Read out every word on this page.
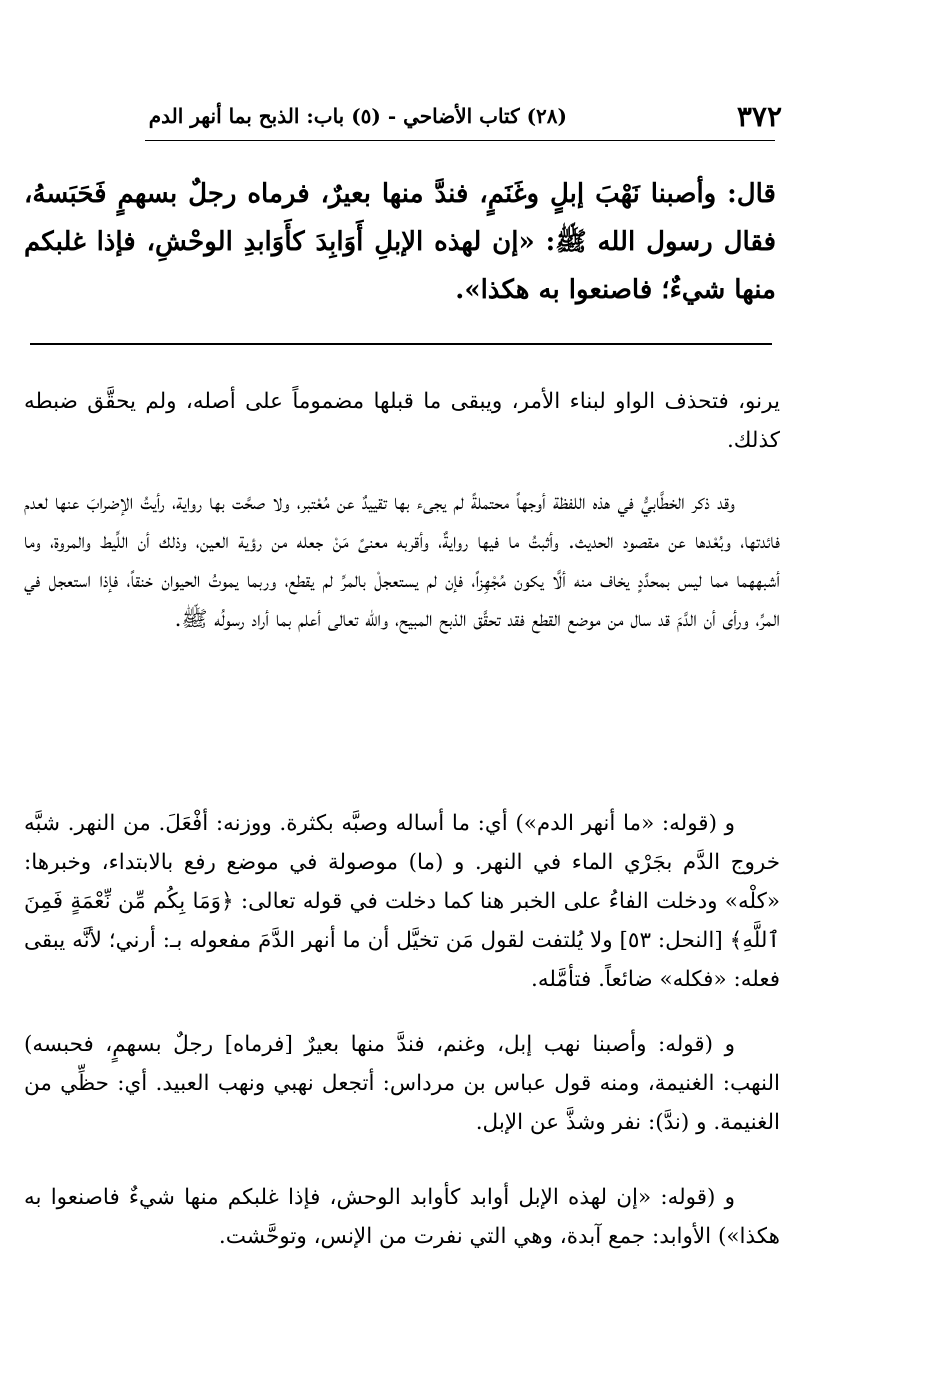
٣٧٢
(٢٨) كتاب الأضاحي - (٥) باب: الذبح بما أنهر الدم

قال: وأصبنا نَهْبَ إبلٍ وغَنَمٍ، فندَّ منها بعيرٌ، فرماه رجلٌ بسهمٍ فَحَبَسهُ، فقال رسول الله ﷺ: «إن لهذه الإبلِ أَوَابِدَ كأَوَابدِ الوحْشِ، فإذا غلبكم منها شيءٌ؛ فاصنعوا به هكذا».

يرنو، فتحذف الواو لبناء الأمر، ويبقى ما قبلها مضموماً على أصله، ولم يحقَّق ضبطه كذلك.

وقد ذكر الخطَّابيُّ في هذه اللفظة أوجهاً محتملةً لم يجىء بها تقييدٌ عن مُعْتبر، ولا صحَّت بها رواية، رأيتُ الإضرابَ عنها لعدم فائدتها، وبُعْدها عن مقصود الحديث. وأثبتُ ما فيها روايةٌ، وأقربه معنىً مَنْ جعله من رؤية العين، وذلك أن اللِّيط والمروة، وما أشبههما مما ليس بمحدَّدٍ يخاف منه ألَّا يكون مُجْهِزاً، فإن لم يستعجلْ بالمرِّ لم يقطع، وربما يموتُ الحيوان خنقاً، فإذا استعجل في المرِّ، ورأى أن الدَّمَ قد سال من موضع القطع فقد تحقَّق الذبح المبيح، والله تعالى أعلم بما أراد رسولُه ﷺ.

و (قوله: «ما أنهر الدم») أي: ما أساله وصبَّه بكثرة. ووزنه: أفْعَلَ. من النهر. شبَّه خروج الدَّم بجَرْي الماء في النهر. و (ما) موصولة في موضع رفع بالابتداء، وخبرها: «كلْه» ودخلت الفاءُ على الخبر هنا كما دخلت في قوله تعالى: ﴿وَمَا بِكُم مِّن نِّعْمَةٍ فَمِنَ ٱللَّهِ﴾ [النحل: ٥٣] ولا يُلتفت لقول مَن تخيَّل أن ما أنهر الدَّمَ مفعوله بـ: أرني؛ لأنَّه يبقى فعله: «فكله» ضائعاً. فتأمَّله.

و (قوله: وأصبنا نهب إبل، وغنم، فندَّ منها بعيرٌ [فرماه] رجلٌ بسهمٍ، فحبسه) النهب: الغنيمة، ومنه قول عباس بن مرداس: أتجعل نهبي ونهب العبيد. أي: حظِّي من الغنيمة. و (ندَّ): نفر وشذَّ عن الإبل.

و (قوله: «إن لهذه الإبل أوابد كأوابد الوحش، فإذا غلبكم منها شيءٌ فاصنعوا به هكذا») الأوابد: جمع آبدة، وهي التي نفرت من الإنس، وتوحَّشت.
